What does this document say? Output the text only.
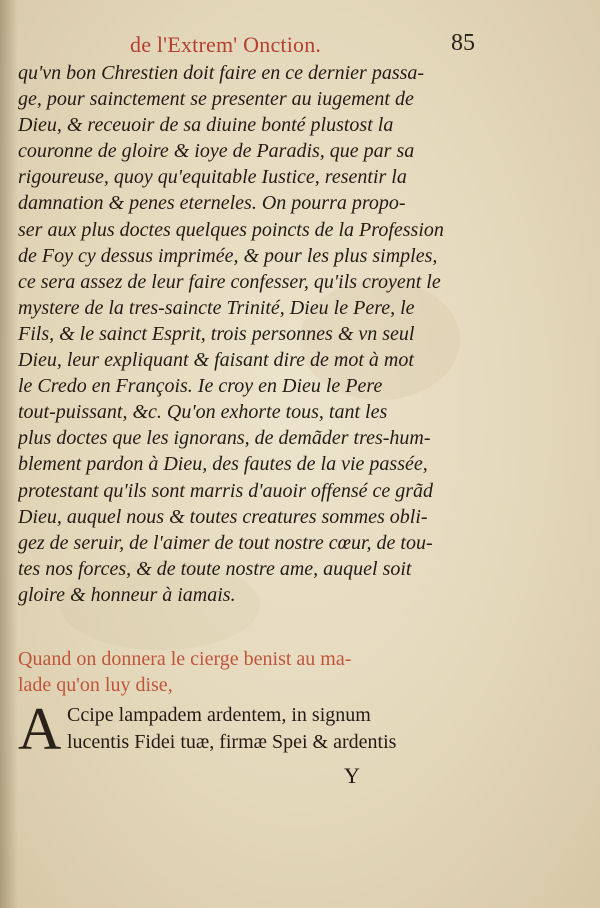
de l'Extrem' Onction.	85
qu'vn bon Chrestien doit faire en ce dernier passa-
ge, pour sainctement se presenter au iugement de
Dieu, & receuoir de sa diuine bonté plustost la
couronne de gloire & ioye de Paradis, que par sa
rigoureuse, quoy qu'equitable Iustice, resentir la
damnation & penes eterneles. On pourra propo-
ser aux plus doctes quelques poincts de la Profession
de Foy cy dessus imprimée, & pour les plus simples,
ce sera assez de leur faire confesser, qu'ils croyent le
mystere de la tres-saincte Trinité, Dieu le Pere, le
Fils, & le sainct Esprit, trois personnes & vn seul
Dieu, leur expliquant & faisant dire de mot à mot
le Credo en François. Ie croy en Dieu le Pere
tout-puissant, &c. Qu'on exhorte tous, tant les
plus doctes que les ignorans, de demãder tres-hum-
blement pardon à Dieu, des fautes de la vie passée,
protestant qu'ils sont marris d'auoir offensé ce grãd
Dieu, auquel nous & toutes creatures sommes obli-
gez de seruir, de l'aimer de tout nostre cœur, de tou-
tes nos forces, & de toute nostre ame, auquel soit
gloire & honneur à iamais.
Quand on donnera le cierge benist au ma-
lade qu'on luy dise,
A Ccipe lampadem ardentem, in signum
lucentis Fidei tuæ, firmæ Spei & ardentis
Y
